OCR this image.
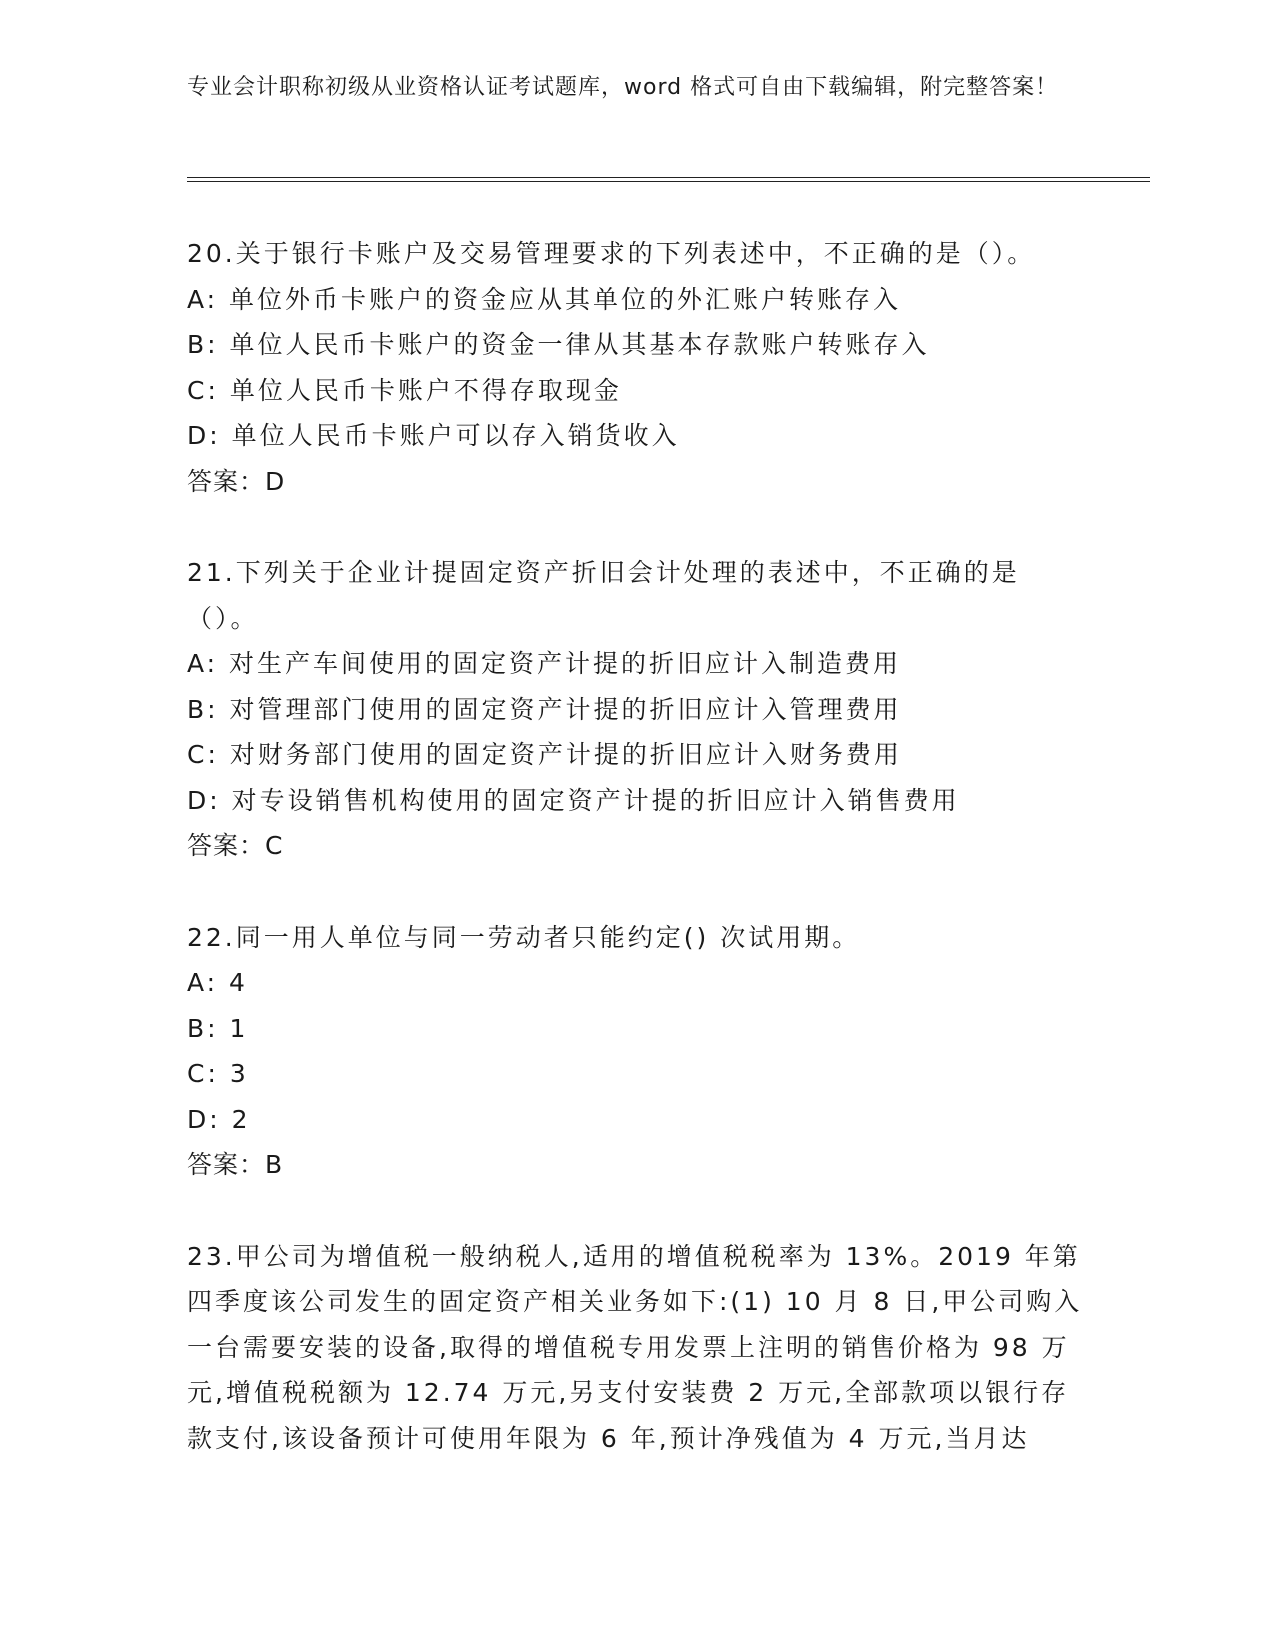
专业会计职称初级从业资格认证考试题库，word 格式可自由下载编辑，附完整答案！

20.关于银行卡账户及交易管理要求的下列表述中，不正确的是（）。

A: 单位外币卡账户的资金应从其单位的外汇账户转账存入

B: 单位人民币卡账户的资金一律从其基本存款账户转账存入

C: 单位人民币卡账户不得存取现金

D: 单位人民币卡账户可以存入销货收入

答案：D

21.下列关于企业计提固定资产折旧会计处理的表述中，不正确的是（）。

A: 对生产车间使用的固定资产计提的折旧应计入制造费用

B: 对管理部门使用的固定资产计提的折旧应计入管理费用

C: 对财务部门使用的固定资产计提的折旧应计入财务费用

D: 对专设销售机构使用的固定资产计提的折旧应计入销售费用

答案：C

22.同一用人单位与同一劳动者只能约定() 次试用期。

A: 4

B: 1

C: 3

D: 2

答案：B

23.甲公司为增值税一般纳税人,适用的增值税税率为 13%。2019 年第四季度该公司发生的固定资产相关业务如下:(1) 10 月 8 日,甲公司购入一台需要安装的设备,取得的增值税专用发票上注明的销售价格为 98 万元,增值税税额为 12.74 万元,另支付安装费 2 万元,全部款项以银行存款支付,该设备预计可使用年限为 6 年,预计净残值为 4 万元,当月达
